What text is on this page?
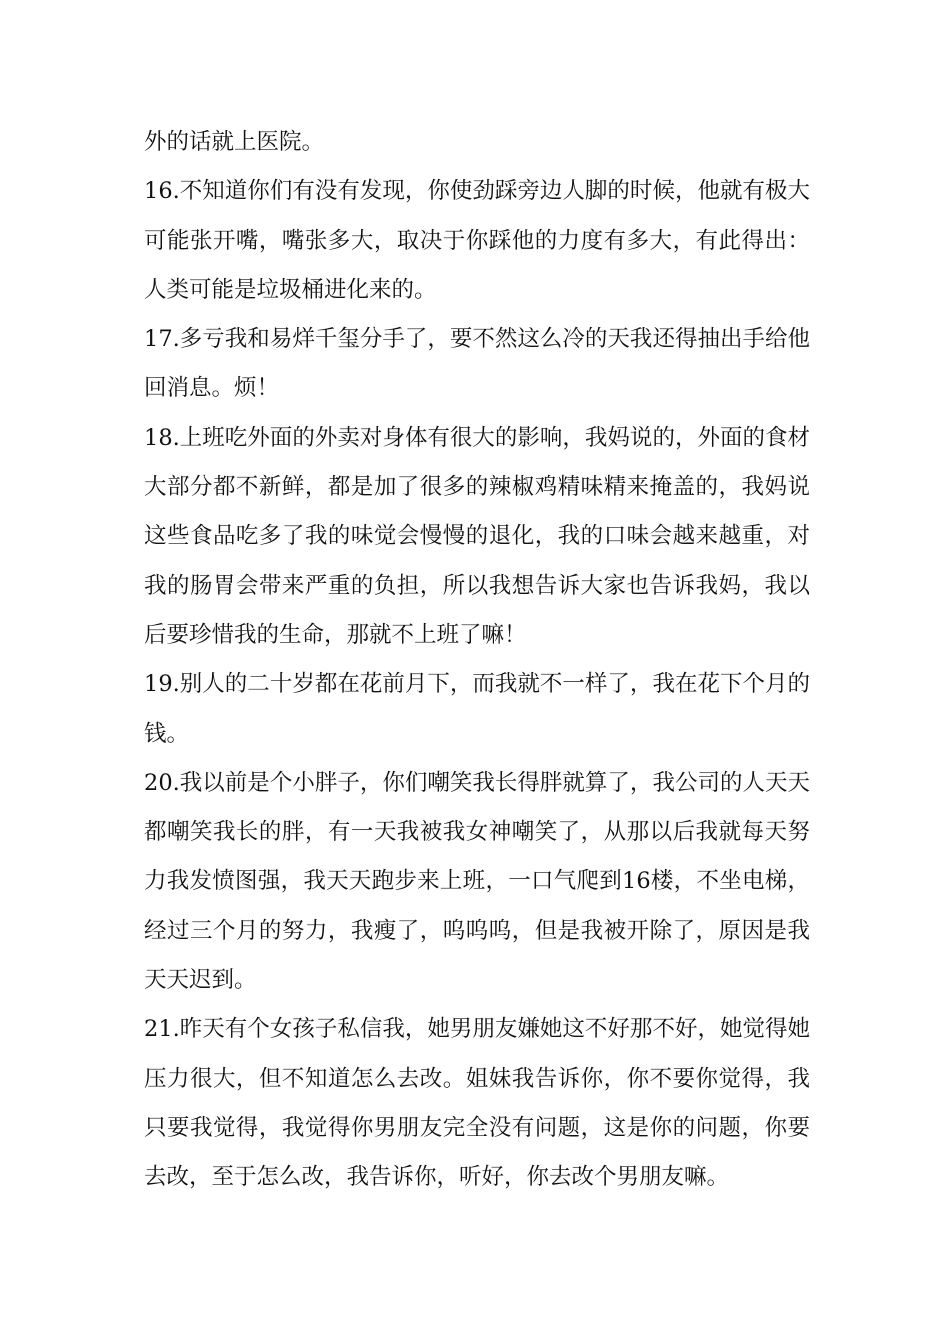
外的话就上医院。

16.不知道你们有没有发现，你使劲踩旁边人脚的时候，他就有极大可能张开嘴，嘴张多大，取决于你踩他的力度有多大，有此得出：人类可能是垃圾桶进化来的。

17.多亏我和易烊千玺分手了，要不然这么冷的天我还得抽出手给他回消息。烦！

18.上班吃外面的外卖对身体有很大的影响，我妈说的，外面的食材大部分都不新鲜，都是加了很多的辣椒鸡精味精来掩盖的，我妈说这些食品吃多了我的味觉会慢慢的退化，我的口味会越来越重，对我的肠胃会带来严重的负担，所以我想告诉大家也告诉我妈，我以后要珍惜我的生命，那就不上班了嘛！

19.别人的二十岁都在花前月下，而我就不一样了，我在花下个月的钱。

20.我以前是个小胖子，你们嘲笑我长得胖就算了，我公司的人天天都嘲笑我长的胖，有一天我被我女神嘲笑了，从那以后我就每天努力我发愤图强，我天天跑步来上班，一口气爬到16楼，不坐电梯，经过三个月的努力，我瘦了，呜呜呜，但是我被开除了，原因是我天天迟到。

21.昨天有个女孩子私信我，她男朋友嫌她这不好那不好，她觉得她压力很大，但不知道怎么去改。姐妹我告诉你，你不要你觉得，我只要我觉得，我觉得你男朋友完全没有问题，这是你的问题，你要去改，至于怎么改，我告诉你，听好，你去改个男朋友嘛。
